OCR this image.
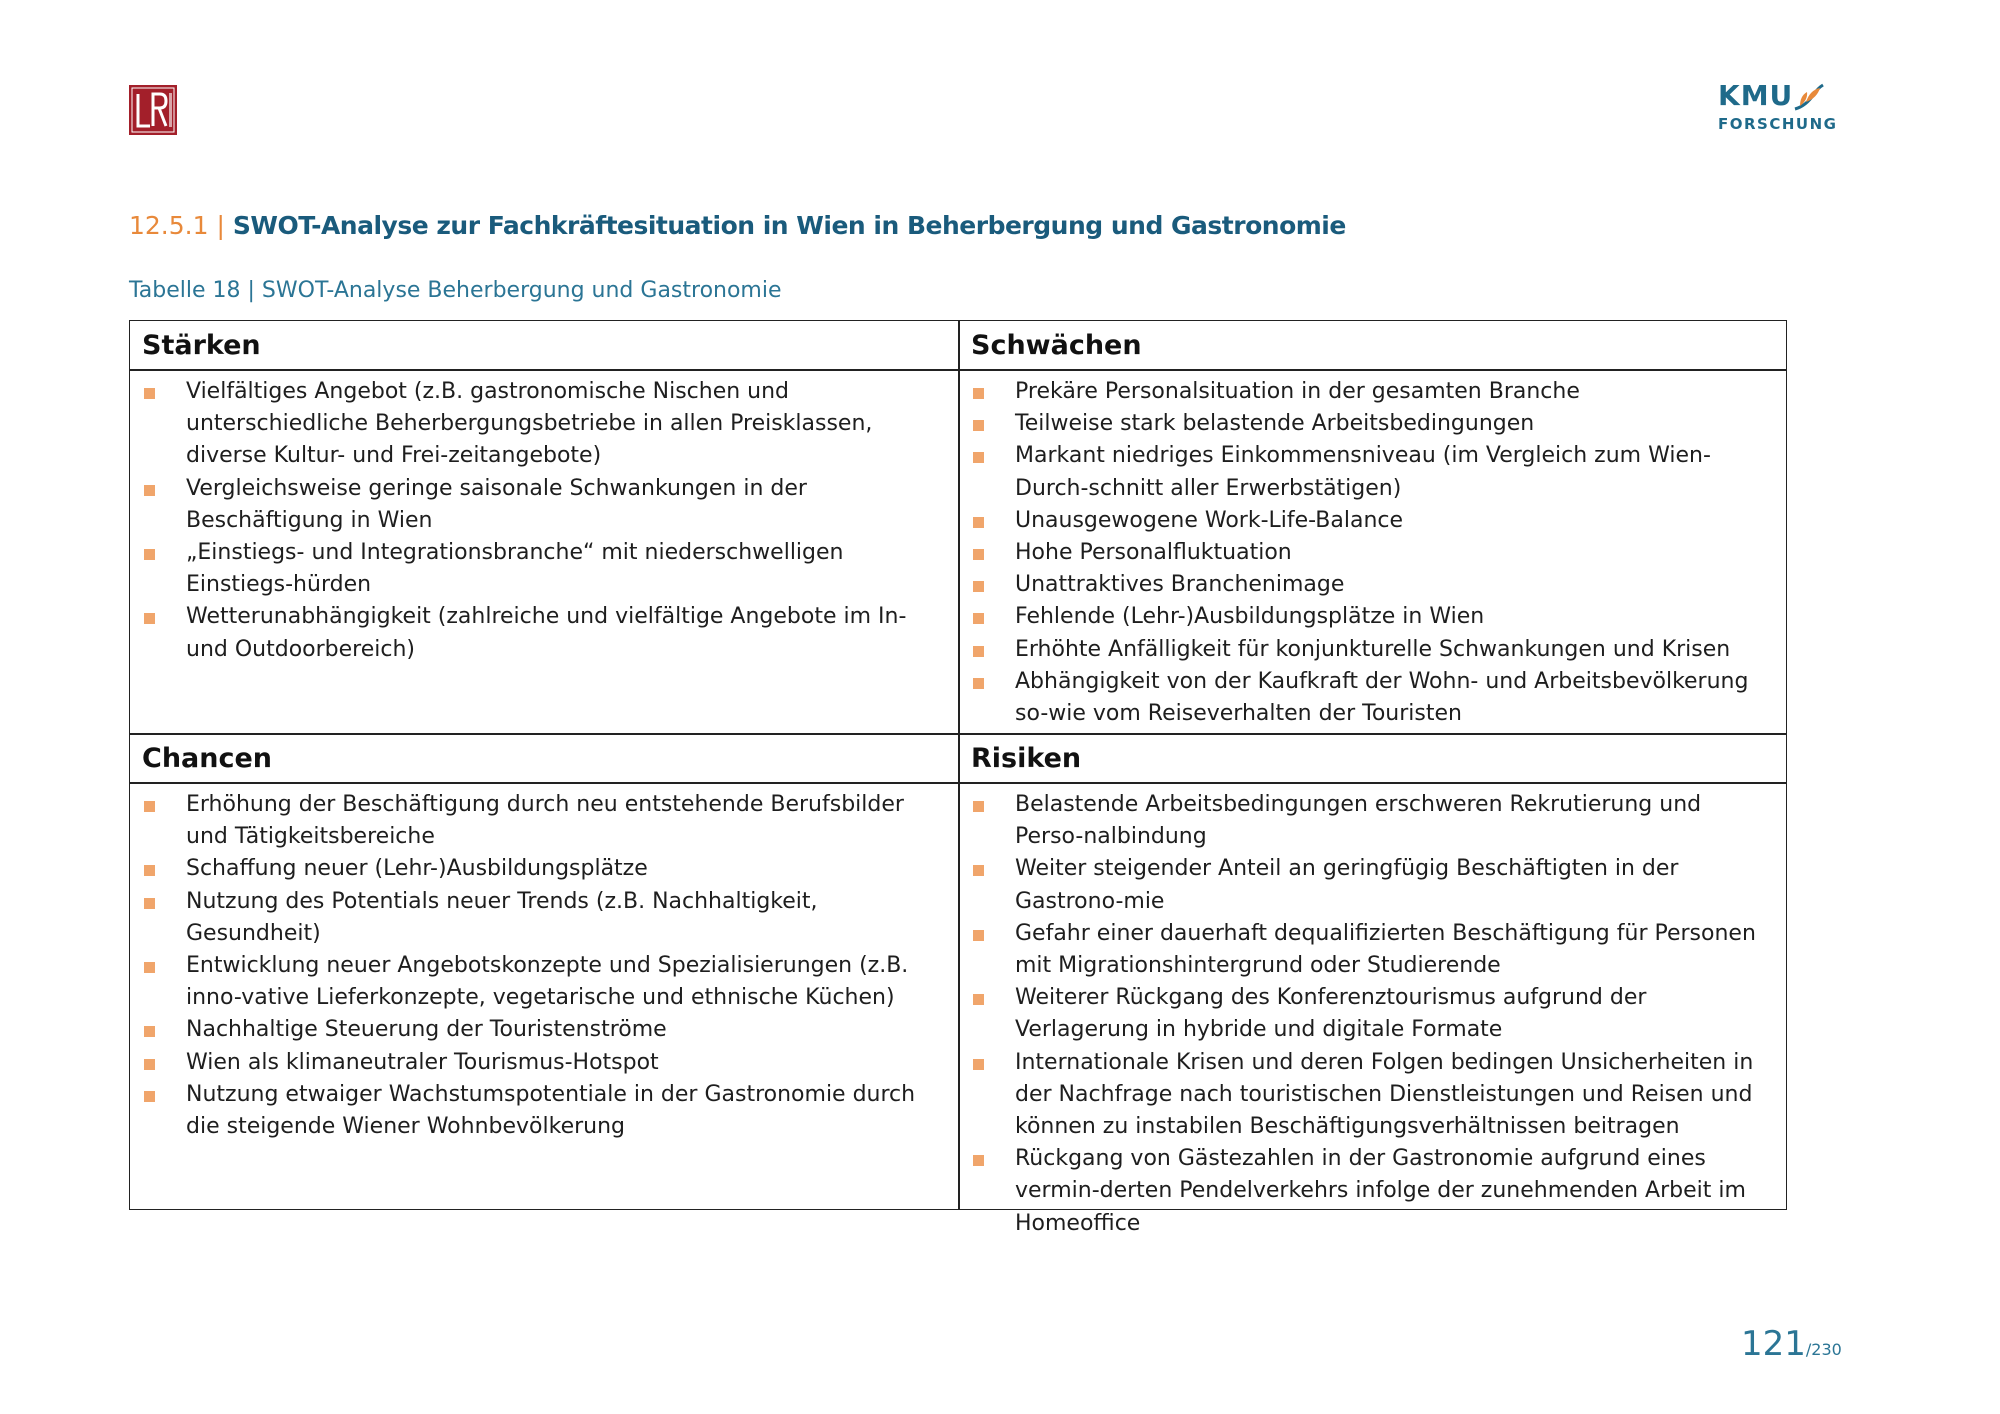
KMU
FORSCHUNG
12.5.1 | SWOT-Analyse zur Fachkräftesituation in Wien in Beherbergung und Gastronomie
Tabelle 18 | SWOT-Analyse Beherbergung und Gastronomie
Stärken
Vielfältiges Angebot (z.B. gastronomische Nischen und unterschiedliche Beherbergungsbetriebe in allen Preisklassen, diverse Kultur- und Frei-zeitangebote)
Vergleichsweise geringe saisonale Schwankungen in der Beschäftigung in Wien
„Einstiegs- und Integrationsbranche“ mit niederschwelligen Einstiegs-hürden
Wetterunabhängigkeit (zahlreiche und vielfältige Angebote im In- und Outdoorbereich)
Schwächen
Prekäre Personalsituation in der gesamten Branche
Teilweise stark belastende Arbeitsbedingungen
Markant niedriges Einkommensniveau (im Vergleich zum Wien-Durch-schnitt aller Erwerbstätigen)
Unausgewogene Work-Life-Balance
Hohe Personalfluktuation
Unattraktives Branchenimage
Fehlende (Lehr-)Ausbildungsplätze in Wien
Erhöhte Anfälligkeit für konjunkturelle Schwankungen und Krisen
Abhängigkeit von der Kaufkraft der Wohn- und Arbeitsbevölkerung so-wie vom Reiseverhalten der Touristen
Chancen
Erhöhung der Beschäftigung durch neu entstehende Berufsbilder und Tätigkeitsbereiche
Schaffung neuer (Lehr-)Ausbildungsplätze
Nutzung des Potentials neuer Trends (z.B. Nachhaltigkeit, Gesundheit)
Entwicklung neuer Angebotskonzepte und Spezialisierungen (z.B. inno-vative Lieferkonzepte, vegetarische und ethnische Küchen)
Nachhaltige Steuerung der Touristenströme
Wien als klimaneutraler Tourismus-Hotspot
Nutzung etwaiger Wachstumspotentiale in der Gastronomie durch die steigende Wiener Wohnbevölkerung
Risiken
Belastende Arbeitsbedingungen erschweren Rekrutierung und Perso-nalbindung
Weiter steigender Anteil an geringfügig Beschäftigten in der Gastrono-mie
Gefahr einer dauerhaft dequalifizierten Beschäftigung für Personen mit Migrationshintergrund oder Studierende
Weiterer Rückgang des Konferenztourismus aufgrund der Verlagerung in hybride und digitale Formate
Internationale Krisen und deren Folgen bedingen Unsicherheiten in der Nachfrage nach touristischen Dienstleistungen und Reisen und können zu instabilen Beschäftigungsverhältnissen beitragen
Rückgang von Gästezahlen in der Gastronomie aufgrund eines vermin-derten Pendelverkehrs infolge der zunehmenden Arbeit im Homeoffice
121/230
